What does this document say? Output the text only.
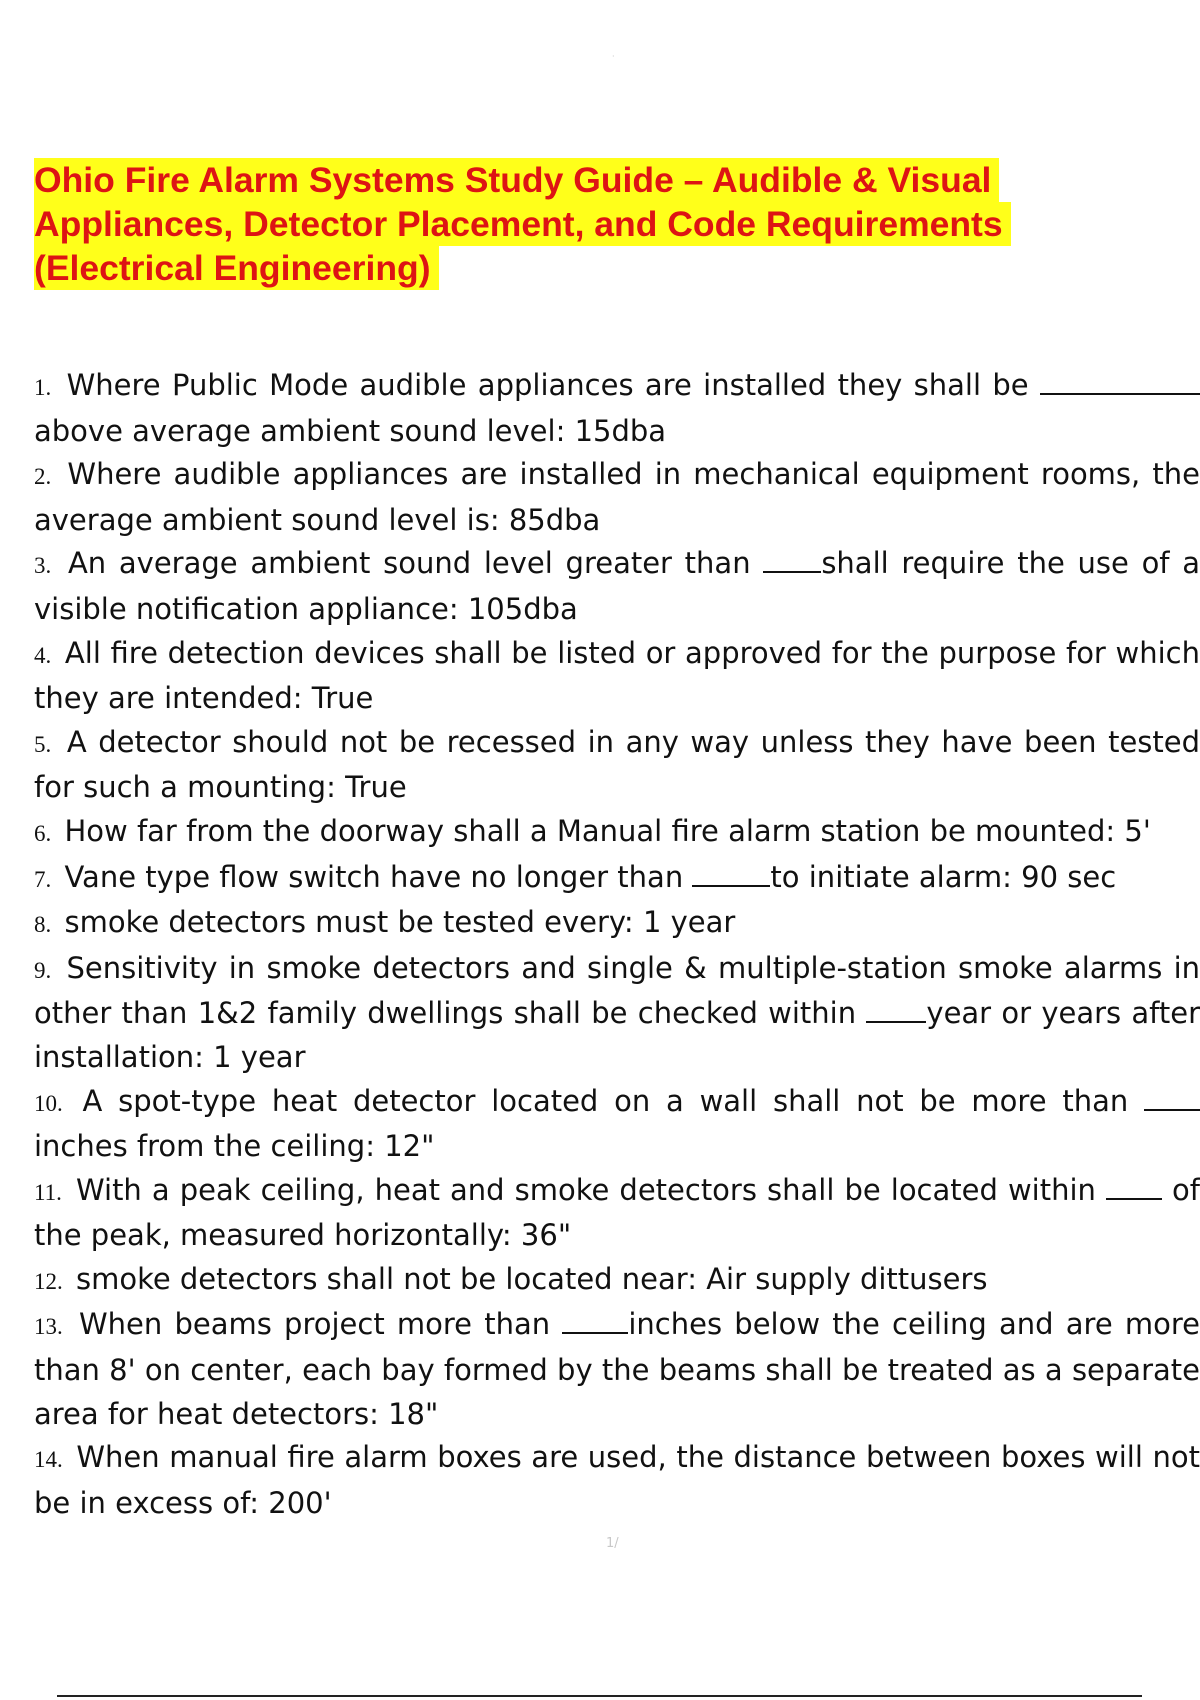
·
Ohio Fire Alarm Systems Study Guide – Audible & Visual
Appliances, Detector Placement, and Code Requirements
(Electrical Engineering)
1. Where Public Mode audible appliances are installed they shall be  above average ambient sound level: 15dba
2. Where audible appliances are installed in mechanical equipment rooms, the average ambient sound level is: 85dba
3. An average ambient sound level greater than shall require the use of a visible notification appliance: 105dba
4. All fire detection devices shall be listed or approved for the purpose for which they are intended: True
5. A detector should not be recessed in any way unless they have been tested for such a mounting: True
6. How far from the doorway shall a Manual fire alarm station be mounted: 5'
7. Vane type flow switch have no longer than	to initiate alarm: 90 sec
8. smoke detectors must be tested every: 1 year
9. Sensitivity in smoke detectors and single & multiple-station smoke alarms in other than 1&2 family dwellings shall be checked within year or years after installation: 1 year
10. A spot-type heat detector located on a wall shall not be more than  inches from the ceiling: 12"
11. With a peak ceiling, heat and smoke detectors shall be located within	of the peak, measured horizontally: 36"
12. smoke detectors shall not be located near: Air supply dittusers
13. When beams project more than	inches below the ceiling and are more than 8' on center, each bay formed by the beams shall be treated as a separate area for heat detectors: 18"
14. When manual fire alarm boxes are used, the distance between boxes will not be in excess of: 200'
1/
